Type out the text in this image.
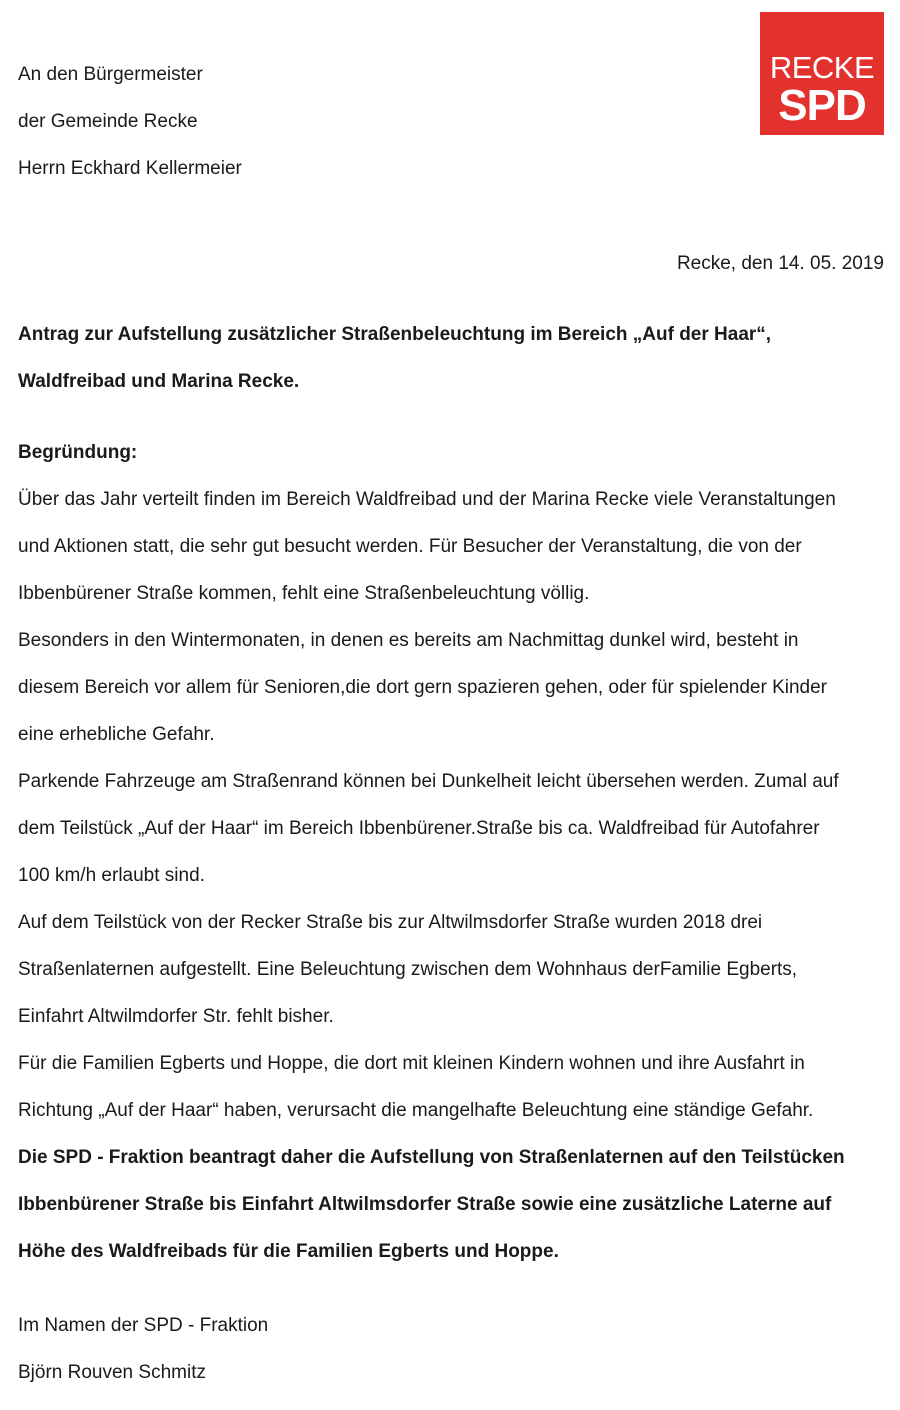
RECKE
SPD
An den Bürgermeister
der Gemeinde Recke
Herrn Eckhard Kellermeier
Recke, den 14. 05. 2019
Antrag zur Aufstellung zusätzlicher Straßenbeleuchtung im Bereich „Auf der Haar“,
Waldfreibad und Marina Recke.
Begründung:
Über das Jahr verteilt finden im Bereich Waldfreibad und der Marina Recke viele Veranstaltungen
und Aktionen statt, die sehr gut besucht werden. Für Besucher der Veranstaltung, die von der
Ibbenbürener Straße kommen, fehlt eine Straßenbeleuchtung völlig.
Besonders in den Wintermonaten, in denen es bereits am Nachmittag dunkel wird, besteht in
diesem Bereich vor allem für Senioren,die dort gern spazieren gehen, oder für spielender Kinder
eine erhebliche Gefahr.
Parkende Fahrzeuge am Straßenrand können bei Dunkelheit leicht übersehen werden. Zumal auf
dem Teilstück „Auf der Haar“ im Bereich Ibbenbürener.Straße bis ca. Waldfreibad für Autofahrer
100 km/h erlaubt sind.
Auf dem Teilstück von der Recker Straße bis zur Altwilmsdorfer Straße wurden 2018 drei
Straßenlaternen aufgestellt. Eine Beleuchtung zwischen dem Wohnhaus derFamilie Egberts,
Einfahrt Altwilmdorfer Str. fehlt bisher.
Für die Familien Egberts und Hoppe, die dort mit kleinen Kindern wohnen und ihre Ausfahrt in
Richtung „Auf der Haar“ haben, verursacht die mangelhafte Beleuchtung eine ständige Gefahr.
Die SPD - Fraktion beantragt daher die Aufstellung von Straßenlaternen auf den Teilstücken
Ibbenbürener Straße bis Einfahrt Altwilmsdorfer Straße sowie eine zusätzliche Laterne auf
Höhe des Waldfreibads für die Familien Egberts und Hoppe.
Im Namen der SPD - Fraktion
Björn Rouven Schmitz
